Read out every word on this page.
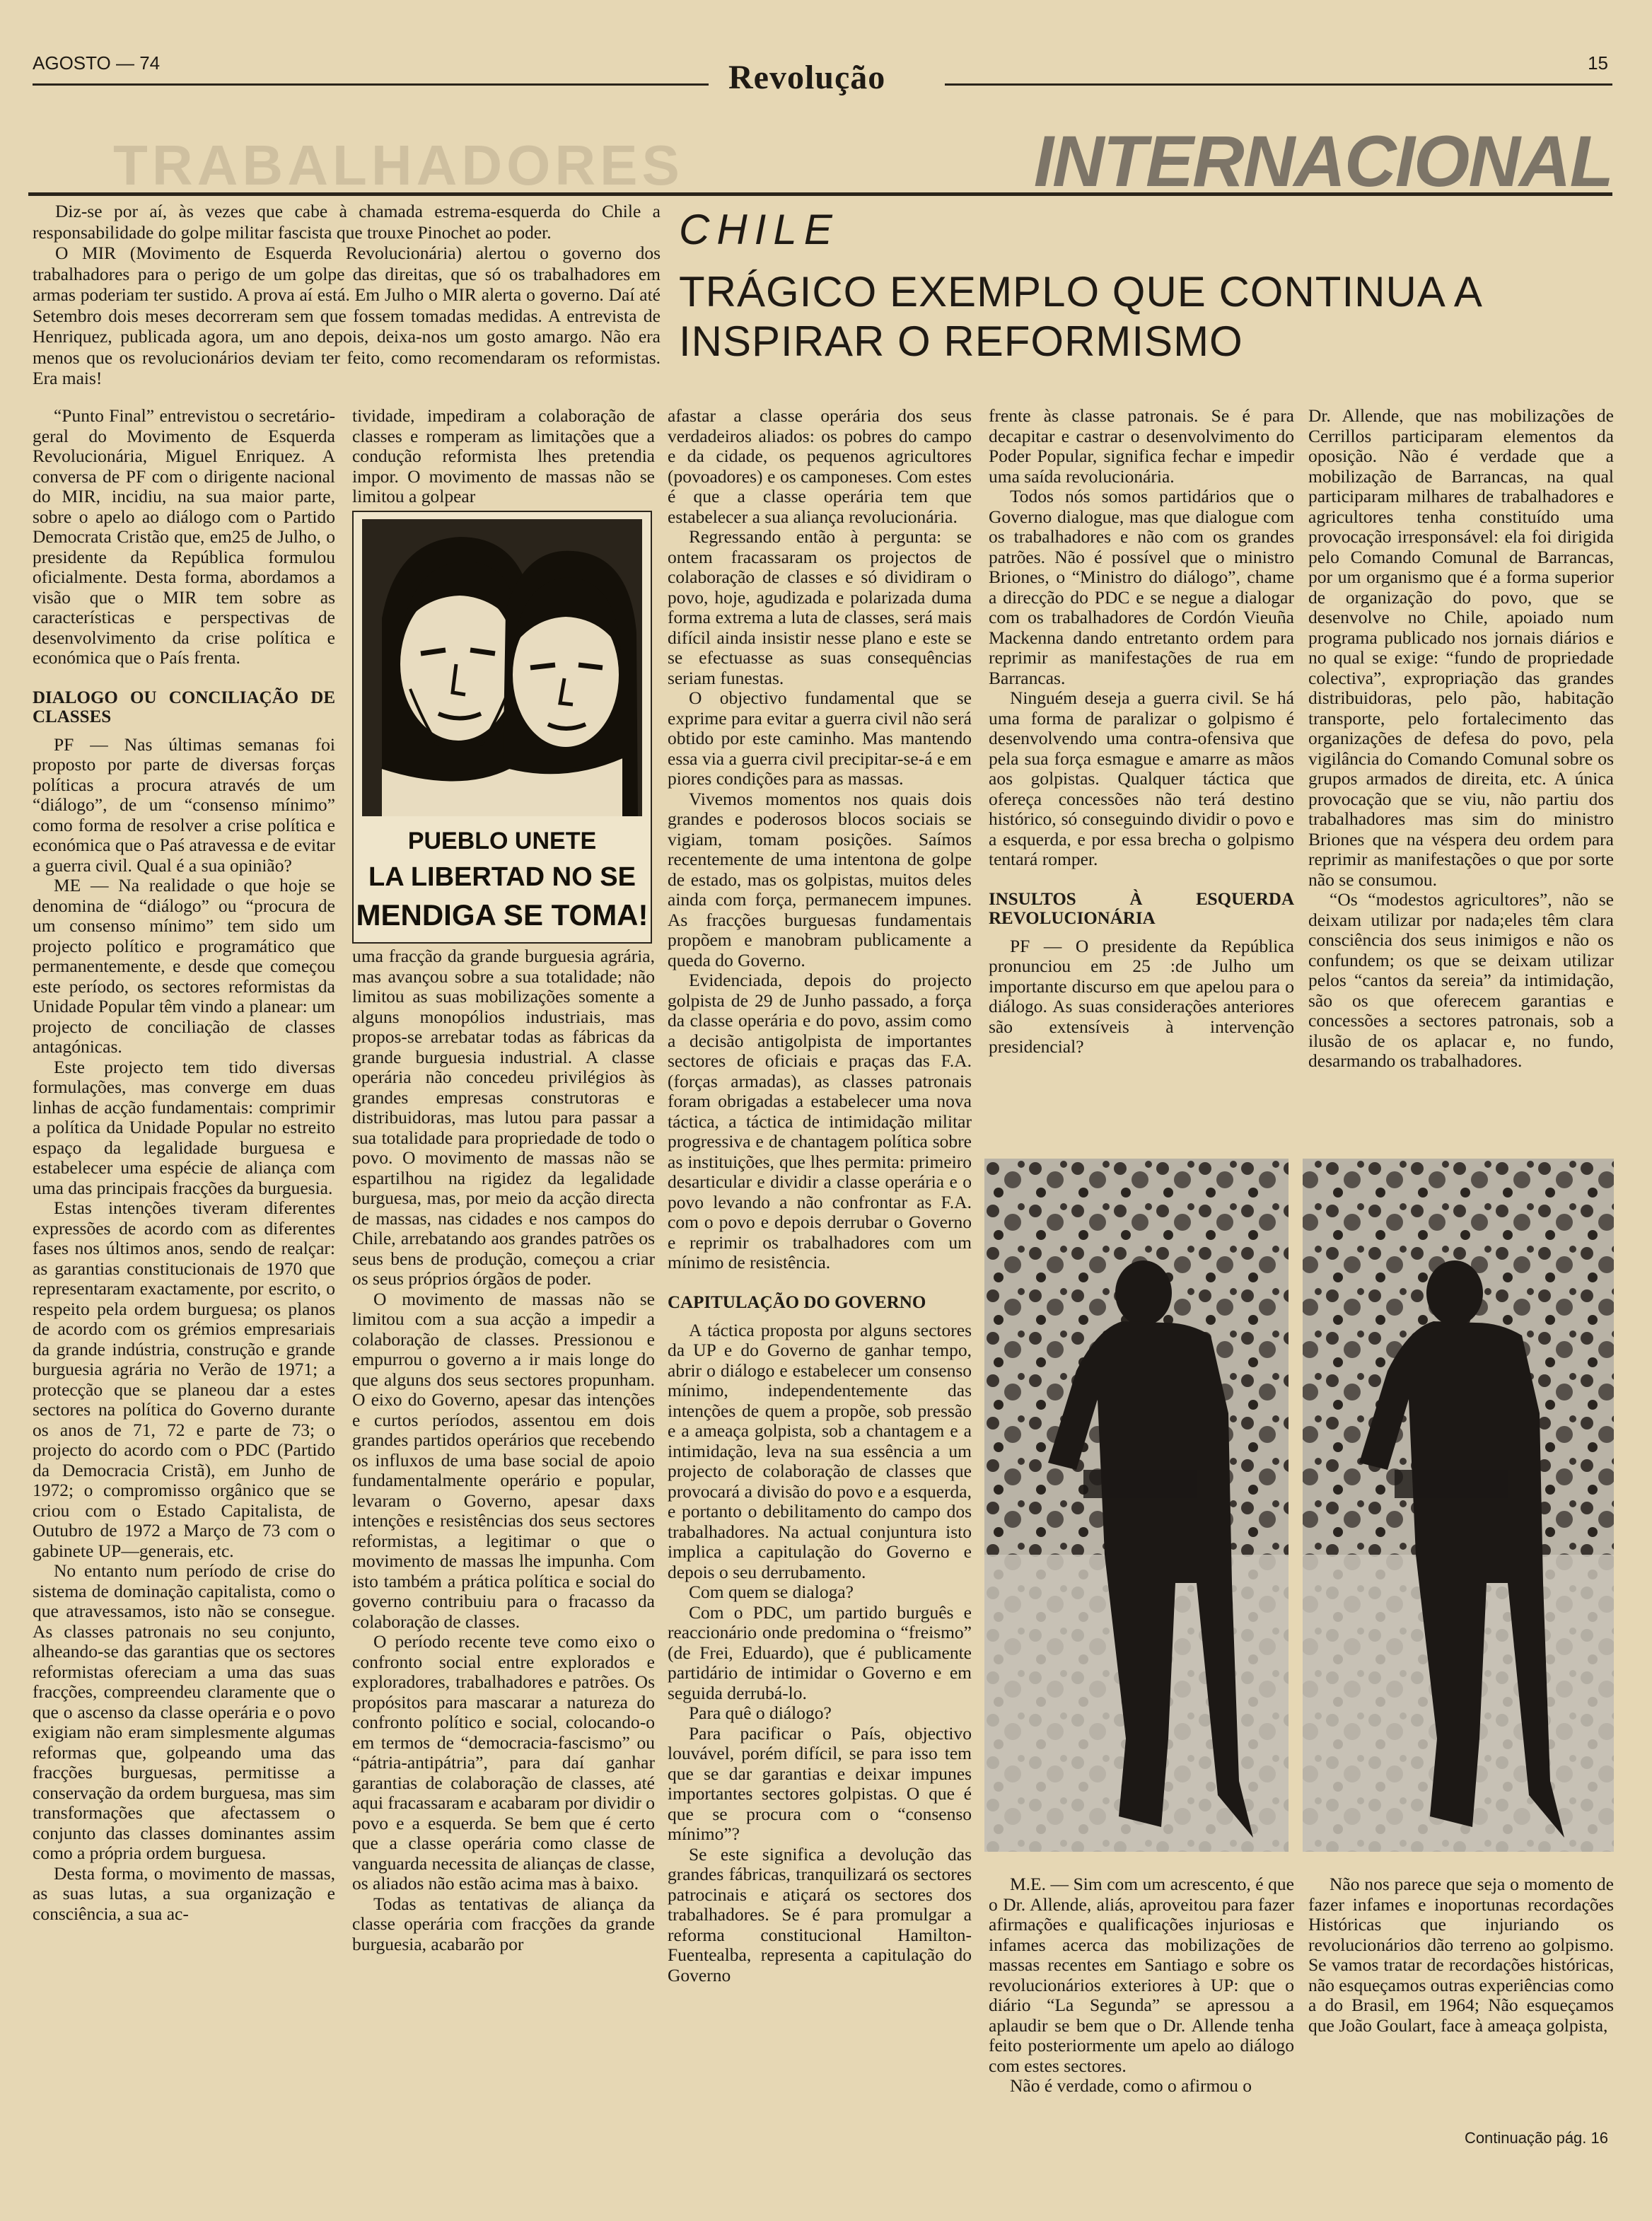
AGOSTO — 74	Revolução	15
TRABALHADORES	INTERNACIONAL

Diz-se por aí, às vezes que cabe à chamada estrema-esquerda do Chile a responsabilidade do golpe militar fascista que trouxe Pinochet ao poder.

O MIR (Movimento de Esquerda Revolucionária) alertou o governo dos trabalhadores para o perigo de um golpe das direitas, que só os trabalhadores em armas poderiam ter sustido. A prova aí está. Em Julho o MIR alerta o governo. Daí até Setembro dois meses decorreram sem que fossem tomadas medidas. A entrevista de Henriquez, publicada agora, um ano depois, deixa-nos um gosto amargo. Não era menos que os revolucionários deviam ter feito, como recomendaram os reformistas. Era mais!

CHILE
TRÁGICO EXEMPLO QUE CONTINUA A
INSPIRAR O REFORMISMO

“Punto Final” entrevistou o secretário-geral do Movimento de Esquerda Revolucionária, Miguel Enriquez. A conversa de PF com o dirigente nacional do MIR, incidiu, na sua maior parte, sobre o apelo ao diálogo com o Partido Democrata Cristão que, em25 de Julho, o presidente da República formulou oficialmente. Desta forma, abordamos a visão que o MIR tem sobre as características e perspectivas de desenvolvimento da crise política e económica que o País frenta.

DIALOGO OU CONCILIAÇÃO DE CLASSES

PF — Nas últimas semanas foi proposto por parte de diversas forças políticas a procura através de um “diálogo”, de um “consenso mínimo” como forma de resolver a crise política e económica que o Paś atravessa e de evitar a guerra civil. Qual é a sua opinião?

ME — Na realidade o que hoje se denomina de “diálogo” ou “procura de um consenso mínimo” tem sido um projecto político e programático que permanentemente, e desde que começou este período, os sectores reformistas da Unidade Popular têm vindo a planear: um projecto de conciliação de classes antagónicas.

Este projecto tem tido diversas formulações, mas converge em duas linhas de acção fundamentais: comprimir a política da Unidade Popular no estreito espaço da legalidade burguesa e estabelecer uma espécie de aliança com uma das principais fracções da burguesia.

Estas intenções tiveram diferentes expressões de acordo com as diferentes fases nos últimos anos, sendo de realçar: as garantias constitucionais de 1970 que representaram exactamente, por escrito, o respeito pela ordem burguesa; os planos de acordo com os grémios empresariais da grande indústria, construção e grande burguesia agrária no Verão de 1971; a protecção que se planeou dar a estes sectores na política do Governo durante os anos de 71, 72 e parte de 73; o projecto do acordo com o PDC (Partido da Democracia Cristã), em Junho de 1972; o compromisso orgânico que se criou com o Estado Capitalista, de Outubro de 1972 a Março de 73 com o gabinete UP—generais, etc.

No entanto num período de crise do sistema de dominação capitalista, como o que atravessamos, isto não se consegue. As classes patronais no seu conjunto, alheando-se das garantias que os sectores reformistas ofereciam a uma das suas fracções, compreendeu claramente que o que o ascenso da classe operária e o povo exigiam não eram simplesmente algumas reformas que, golpeando uma das fracções burguesas, permitisse a conservação da ordem burguesa, mas sim transformações que afectassem o conjunto das classes dominantes assim como a própria ordem burguesa.

Desta forma, o movimento de massas, as suas lutas, a sua organização e consciência, a sua ac-

tividade, impediram a colaboração de classes e romperam as limitações que a condução reformista lhes pretendia impor. O movimento de massas não se limitou a golpear

ROZ
PUEBLO UNETE
LA LIBERTAD NO SE
MENDIGA SE TOMA!

uma fracção da grande burguesia agrária, mas avançou sobre a sua totalidade; não limitou as suas mobilizações somente a alguns monopólios industriais, mas propos-se arrebatar todas as fábricas da grande burguesia industrial. A classe operária não concedeu privilégios às grandes empresas construtoras e distribuidoras, mas lutou para passar a sua totalidade para propriedade de todo o povo. O movimento de massas não se espartilhou na rigidez da legalidade burguesa, mas, por meio da acção directa de massas, nas cidades e nos campos do Chile, arrebatando aos grandes patrões os seus bens de produção, começou a criar os seus próprios órgãos de poder.

O movimento de massas não se limitou com a sua acção a impedir a colaboração de classes. Pressionou e empurrou o governo a ir mais longe do que alguns dos seus sectores propunham. O eixo do Governo, apesar das intenções e curtos períodos, assentou em dois grandes partidos operários que recebendo os influxos de uma base social de apoio fundamentalmente operário e popular, levaram o Governo, apesar daxs intenções e resistências dos seus sectores reformistas, a legitimar o que o movimento de massas lhe impunha. Com isto também a prática política e social do governo contribuiu para o fracasso da colaboração de classes.

O período recente teve como eixo o confronto social entre explorados e exploradores, trabalhadores e patrões. Os propósitos para mascarar a natureza do confronto político e social, colocando-o em termos de “democracia-fascismo” ou “pátria-antipátria”, para daí ganhar garantias de colaboração de classes, até aqui fracassaram e acabaram por dividir o povo e a esquerda. Se bem que é certo que a classe operária como classe de vanguarda necessita de alianças de classe, os aliados não estão acima mas à baixo.

Todas as tentativas de aliança da classe operária com fracções da grande burguesia, acabarão por

afastar a classe operária dos seus verdadeiros aliados: os pobres do campo e da cidade, os pequenos agricultores (povoadores) e os camponeses. Com estes é que a classe operária tem que estabelecer a sua aliança revolucionária.

Regressando então à pergunta: se ontem fracassaram os projectos de colaboração de classes e só dividiram o povo, hoje, agudizada e polarizada duma forma extrema a luta de classes, será mais difícil ainda insistir nesse plano e este se se efectuasse as suas consequências seriam funestas.

O objectivo fundamental que se exprime para evitar a guerra civil não será obtido por este caminho. Mas mantendo essa via a guerra civil precipitar-se-á e em piores condições para as massas.

Vivemos momentos nos quais dois grandes e poderosos blocos sociais se vigiam, tomam posições. Saímos recentemente de uma intentona de golpe de estado, mas os golpistas, muitos deles ainda com força, permanecem impunes. As fracções burguesas fundamentais propõem e manobram publicamente a queda do Governo.

Evidenciada, depois do projecto golpista de 29 de Junho passado, a força da classe operária e do povo, assim como a decisão antigolpista de importantes sectores de oficiais e praças das F.A. (forças armadas), as classes patronais foram obrigadas a estabelecer uma nova táctica, a táctica de intimidação militar progressiva e de chantagem política sobre as instituições, que lhes permita: primeiro desarticular e dividir a classe operária e o povo levando a não confrontar as F.A. com o povo e depois derrubar o Governo e reprimir os trabalhadores com um mínimo de resistência.

CAPITULAÇÃO DO GOVERNO

A táctica proposta por alguns sectores da UP e do Governo de ganhar tempo, abrir o diálogo e estabelecer um consenso mínimo, independentemente das intenções de quem a propõe, sob pressão e a ameaça golpista, sob a chantagem e a intimidação, leva na sua essência a um projecto de colaboração de classes que provocará a divisão do povo e a esquerda, e portanto o debilitamento do campo dos trabalhadores. Na actual conjuntura isto implica a capitulação do Governo e depois o seu derrubamento.

Com quem se dialoga?

Com o PDC, um partido burguês e reaccionário onde predomina o “freismo” (de Frei, Eduardo), que é publicamente partidário de intimidar o Governo e em seguida derrubá-lo.

Para quê o diálogo?

Para pacificar o País, objectivo louvável, porém difícil, se para isso tem que se dar garantias e deixar impunes importantes sectores golpistas. O que é que se procura com o “consenso mínimo”?

Se este significa a devolução das grandes fábricas, tranquilizará os sectores patrocinais e atiçará os sectores dos trabalhadores. Se é para promulgar a reforma constitucional Hamilton-Fuentealba, representa a capitulação do Governo

frente às classe patronais. Se é para decapitar e castrar o desenvolvimento do Poder Popular, significa fechar e impedir uma saída revolucionária.

Todos nós somos partidários que o Governo dialogue, mas que dialogue com os trabalhadores e não com os grandes patrões. Não é possível que o ministro Briones, o “Ministro do diálogo”, chame a direcção do PDC e se negue a dialogar com os trabalhadores de Cordón Vieuña Mackenna dando entretanto ordem para reprimir as manifestações de rua em Barrancas.

Ninguém deseja a guerra civil. Se há uma forma de paralizar o golpismo é desenvolvendo uma contra-ofensiva que pela sua força esmague e amarre as mãos aos golpistas. Qualquer táctica que ofereça concessões não terá destino histórico, só conseguindo dividir o povo e a esquerda, e por essa brecha o golpismo tentará romper.

INSULTOS À ESQUERDA REVOLUCIONÁRIA

PF — O presidente da República pronunciou em 25 :de Julho um importante discurso em que apelou para o diálogo. As suas considerações anteriores são extensíveis à intervenção presidencial?

Dr. Allende, que nas mobilizações de Cerrillos participaram elementos da oposição. Não é verdade que a mobilização de Barrancas, na qual participaram milhares de trabalhadores e agricultores tenha constituído uma provocação irresponsável: ela foi dirigida pelo Comando Comunal de Barrancas, por um organismo que é a forma superior de organização do povo, que se desenvolve no Chile, apoiado num programa publicado nos jornais diários e no qual se exige: “fundo de propriedade colectiva”, expropriação das grandes distribuidoras, pelo pão, habitação transporte, pelo fortalecimento das organizações de defesa do povo, pela vigilância do Comando Comunal sobre os grupos armados de direita, etc. A única provocação que se viu, não partiu dos trabalhadores mas sim do ministro Briones que na véspera deu ordem para reprimir as manifestações o que por sorte não se consumou.

“Os “modestos agricultores”, não se deixam utilizar por nada;eles têm clara consciência dos seus inimigos e não os confundem; os que se deixam utilizar pelos “cantos da sereia” da intimidação, são os que oferecem garantias e concessões a sectores patronais, sob a ilusão de os aplacar e, no fundo, desarmando os trabalhadores.

M.E. — Sim com um acrescento, é que o Dr. Allende, aliás, aproveitou para fazer afirmações e qualificações injuriosas e infames acerca das mobilizações de massas recentes em Santiago e sobre os revolucionários exteriores à UP: que o diário “La Segunda” se apressou a aplaudir se bem que o Dr. Allende tenha feito posteriormente um apelo ao diálogo com estes sectores.

Não é verdade, como o afirmou o

Não nos parece que seja o momento de fazer infames e inoportunas recordações Históricas que injuriando os revolucionários dão terreno ao golpismo. Se vamos tratar de recordações históricas, não esqueçamos outras experiências como a do Brasil, em 1964; Não esqueçamos que João Goulart, face à ameaça golpista,

Continuação pág. 16
